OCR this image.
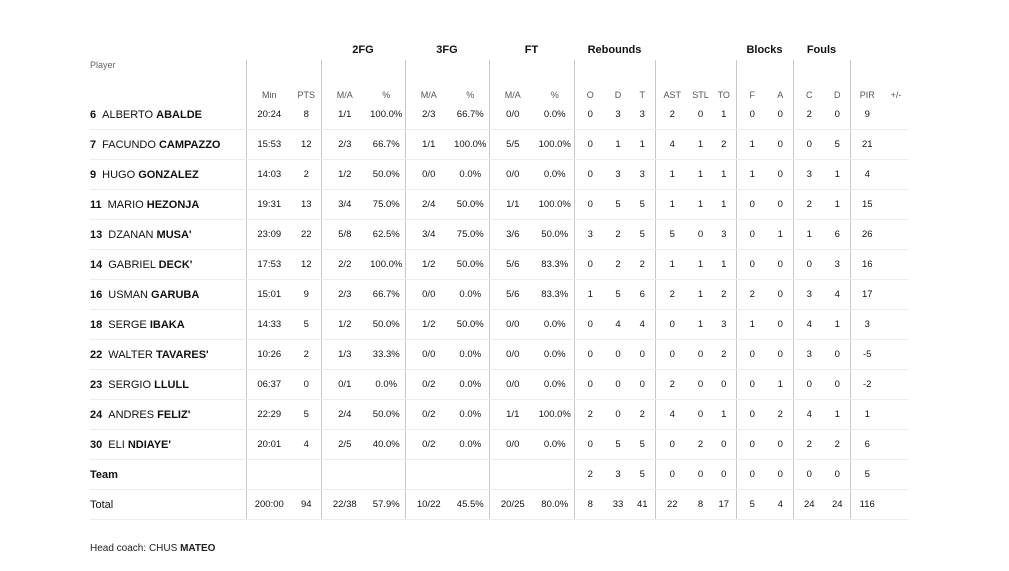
			2FG		3FG		FT		Rebounds						Blocks		Fouls			
Player	Min	PTS	M/A	%	M/A	%	M/A	%	O	D	T	AST	STL	TO	F	A	C	D	PIR	+/-
6 ALBERTO ABALDE	20:24	8	1/1	100.0%	2/3	66.7%	0/0	0.0%	0	3	3	2	0	1	0	0	2	0	9	
7 FACUNDO CAMPAZZO	15:53	12	2/3	66.7%	1/1	100.0%	5/5	100.0%	0	1	1	4	1	2	1	0	0	5	21	
9 HUGO GONZALEZ	14:03	2	1/2	50.0%	0/0	0.0%	0/0	0.0%	0	3	3	1	1	1	1	0	3	1	4	
11 MARIO HEZONJA	19:31	13	3/4	75.0%	2/4	50.0%	1/1	100.0%	0	5	5	1	1	1	0	0	2	1	15	
13 DZANAN MUSA'	23:09	22	5/8	62.5%	3/4	75.0%	3/6	50.0%	3	2	5	5	0	3	0	1	1	6	26	
14 GABRIEL DECK'	17:53	12	2/2	100.0%	1/2	50.0%	5/6	83.3%	0	2	2	1	1	1	0	0	0	3	16	
16 USMAN GARUBA	15:01	9	2/3	66.7%	0/0	0.0%	5/6	83.3%	1	5	6	2	1	2	2	0	3	4	17	
18 SERGE IBAKA	14:33	5	1/2	50.0%	1/2	50.0%	0/0	0.0%	0	4	4	0	1	3	1	0	4	1	3	
22 WALTER TAVARES'	10:26	2	1/3	33.3%	0/0	0.0%	0/0	0.0%	0	0	0	0	0	2	0	0	3	0	-5	
23 SERGIO LLULL	06:37	0	0/1	0.0%	0/2	0.0%	0/0	0.0%	0	0	0	2	0	0	0	1	0	0	-2	
24 ANDRES FELIZ'	22:29	5	2/4	50.0%	0/2	0.0%	1/1	100.0%	2	0	2	4	0	1	0	2	4	1	1	
30 ELI NDIAYE'	20:01	4	2/5	40.0%	0/2	0.0%	0/0	0.0%	0	5	5	0	2	0	0	0	2	2	6	
Team									2	3	5	0	0	0	0	0	0	0	5	
Total	200:00	94	22/38	57.9%	10/22	45.5%	20/25	80.0%	8	33	41	22	8	17	5	4	24	24	116	
Head coach: CHUS MATEO
